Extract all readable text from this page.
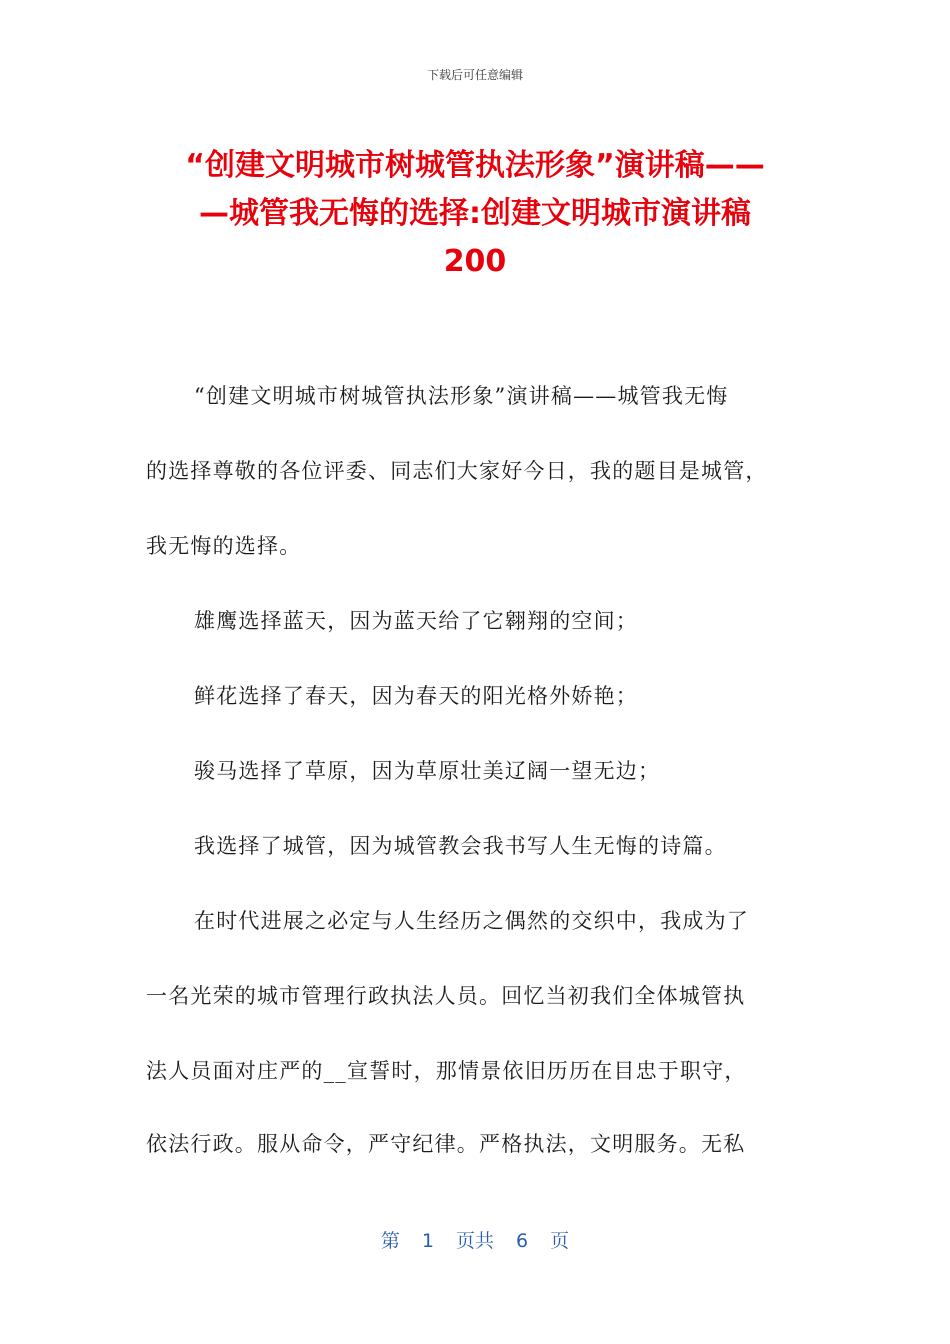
下载后可任意编辑
“创建文明城市树城管执法形象”演讲稿——
—城管我无悔的选择:创建文明城市演讲稿
200
“创建文明城市树城管执法形象”演讲稿——城管我无悔
的选择尊敬的各位评委、同志们大家好今日，我的题目是城管，
我无悔的选择。
雄鹰选择蓝天，因为蓝天给了它翱翔的空间；
鲜花选择了春天，因为春天的阳光格外娇艳；
骏马选择了草原，因为草原壮美辽阔一望无边；
我选择了城管，因为城管教会我书写人生无悔的诗篇。
在时代进展之必定与人生经历之偶然的交织中，我成为了
一名光荣的城市管理行政执法人员。回忆当初我们全体城管执
法人员面对庄严的__宣誓时，那情景依旧历历在目忠于职守，
依法行政。服从命令，严守纪律。严格执法，文明服务。无私
第 1 页共 6 页
